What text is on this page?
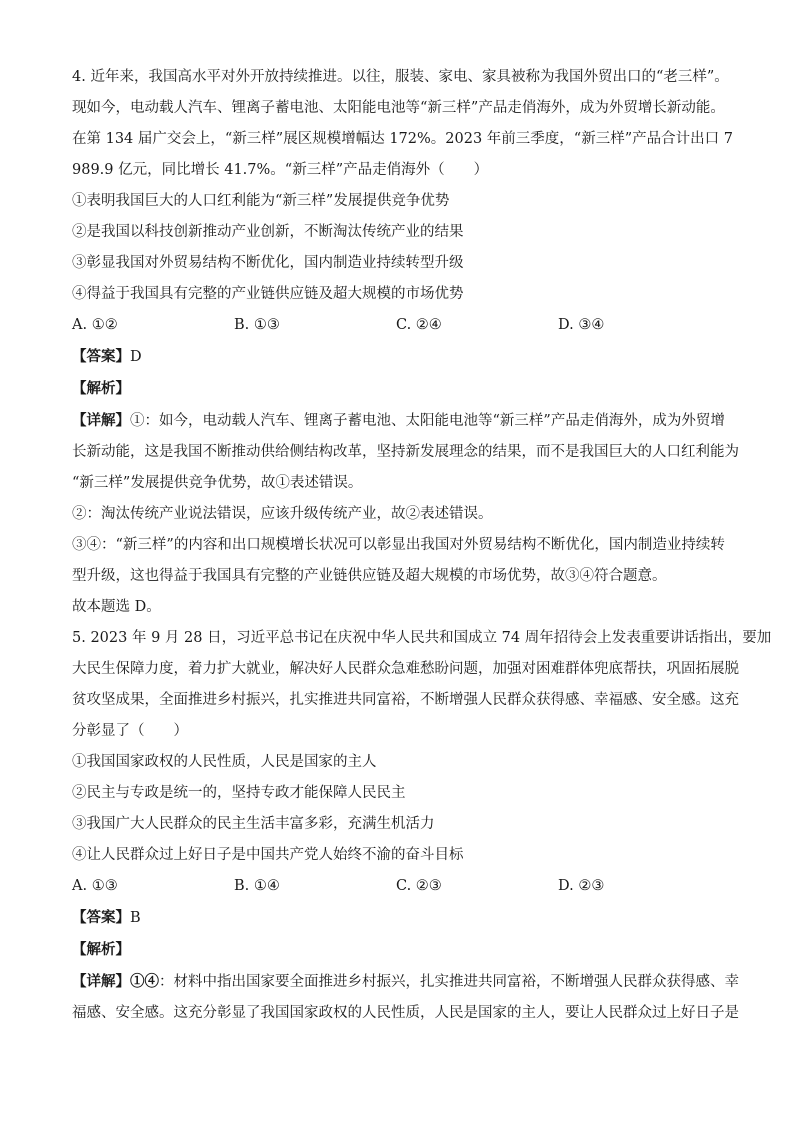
4. 近年来，我国高水平对外开放持续推进。以往，服装、家电、家具被称为我国外贸出口的“老三样”。

现如今，电动载人汽车、锂离子蓄电池、太阳能电池等“新三样”产品走俏海外，成为外贸增长新动能。

在第 134 届广交会上，“新三样”展区规模增幅达 172%。2023 年前三季度，“新三样”产品合计出口 7

989.9 亿元，同比增长 41.7%。“新三样”产品走俏海外（　　）

①表明我国巨大的人口红利能为“新三样”发展提供竞争优势

②是我国以科技创新推动产业创新，不断淘汰传统产业的结果

③彰显我国对外贸易结构不断优化，国内制造业持续转型升级

④得益于我国具有完整的产业链供应链及超大规模的市场优势

A. ①②	B. ①③	C. ②④	D. ③④

【答案】D

【解析】

【详解】①：如今，电动载人汽车、锂离子蓄电池、太阳能电池等“新三样”产品走俏海外，成为外贸增

长新动能，这是我国不断推动供给侧结构改革，坚持新发展理念的结果，而不是我国巨大的人口红利能为

“新三样”发展提供竞争优势，故①表述错误。

②：淘汰传统产业说法错误，应该升级传统产业，故②表述错误。

③④：“新三样”的内容和出口规模增长状况可以彰显出我国对外贸易结构不断优化，国内制造业持续转

型升级，这也得益于我国具有完整的产业链供应链及超大规模的市场优势，故③④符合题意。

故本题选 D。

5. 2023 年 9 月 28 日，习近平总书记在庆祝中华人民共和国成立 74 周年招待会上发表重要讲话指出，要加

大民生保障力度，着力扩大就业，解决好人民群众急难愁盼问题，加强对困难群体兜底帮扶，巩固拓展脱

贫攻坚成果，全面推进乡村振兴，扎实推进共同富裕，不断增强人民群众获得感、幸福感、安全感。这充

分彰显了（　　）

①我国国家政权的人民性质，人民是国家的主人

②民主与专政是统一的，坚持专政才能保障人民民主

③我国广大人民群众的民主生活丰富多彩，充满生机活力

④让人民群众过上好日子是中国共产党人始终不渝的奋斗目标

A. ①③	B. ①④	C. ②③	D. ②③

【答案】B

【解析】

【详解】①④：材料中指出国家要全面推进乡村振兴，扎实推进共同富裕，不断增强人民群众获得感、幸

福感、安全感。这充分彰显了我国国家政权的人民性质，人民是国家的主人，要让人民群众过上好日子是
